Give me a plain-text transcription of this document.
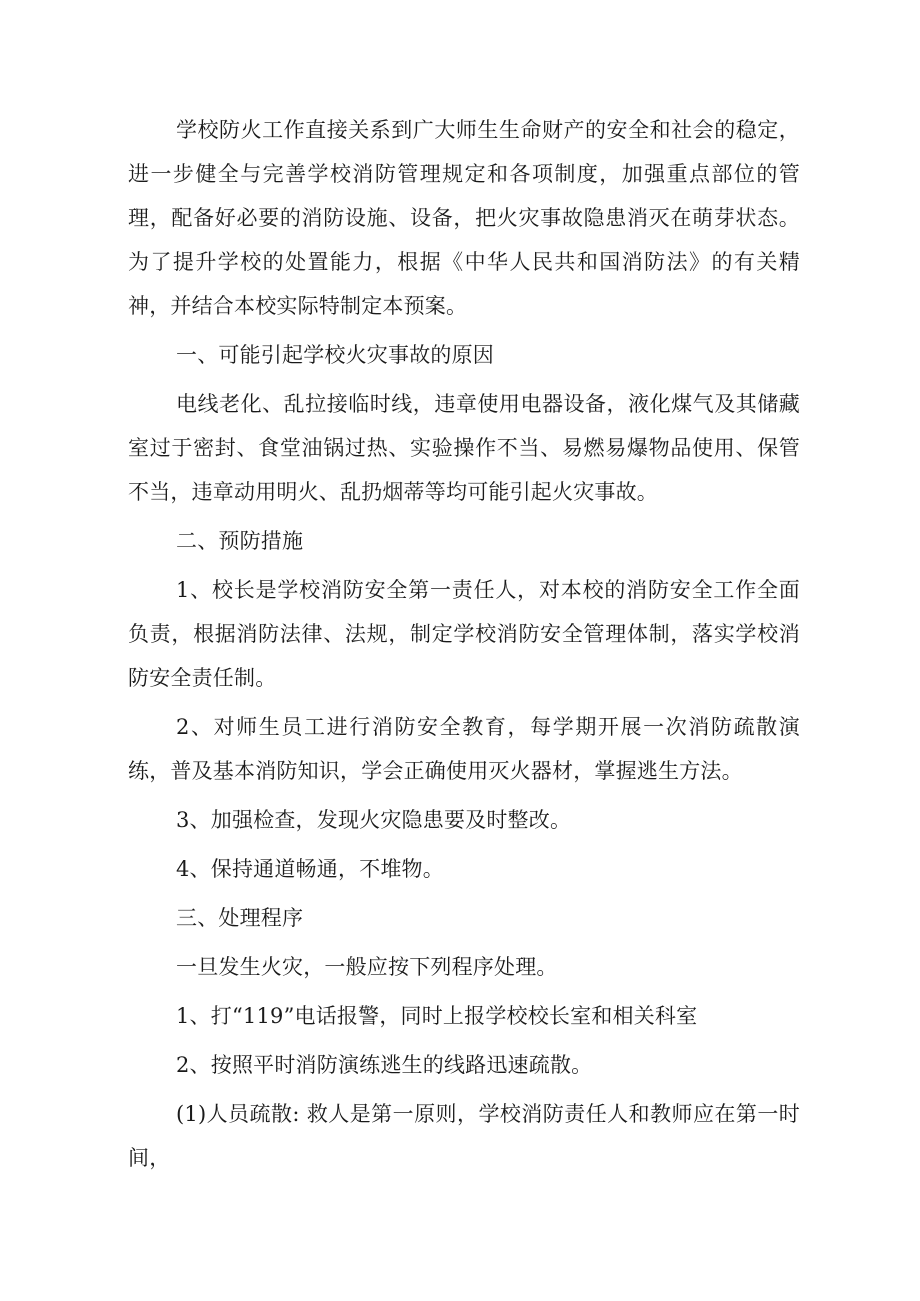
学校防火工作直接关系到广大师生生命财产的安全和社会的稳定，进一步健全与完善学校消防管理规定和各项制度，加强重点部位的管理，配备好必要的消防设施、设备，把火灾事故隐患消灭在萌芽状态。为了提升学校的处置能力，根据《中华人民共和国消防法》的有关精神，并结合本校实际特制定本预案。

一、可能引起学校火灾事故的原因

电线老化、乱拉接临时线，违章使用电器设备，液化煤气及其储藏室过于密封、食堂油锅过热、实验操作不当、易燃易爆物品使用、保管不当，违章动用明火、乱扔烟蒂等均可能引起火灾事故。

二、预防措施

1、校长是学校消防安全第一责任人，对本校的消防安全工作全面负责，根据消防法律、法规，制定学校消防安全管理体制，落实学校消防安全责任制。

2、对师生员工进行消防安全教育，每学期开展一次消防疏散演练，普及基本消防知识，学会正确使用灭火器材，掌握逃生方法。

3、加强检查，发现火灾隐患要及时整改。

4、保持通道畅通，不堆物。

三、处理程序

一旦发生火灾，一般应按下列程序处理。

1、打“119”电话报警，同时上报学校校长室和相关科室

2、按照平时消防演练逃生的线路迅速疏散。

(1)人员疏散: 救人是第一原则，学校消防责任人和教师应在第一时间，
